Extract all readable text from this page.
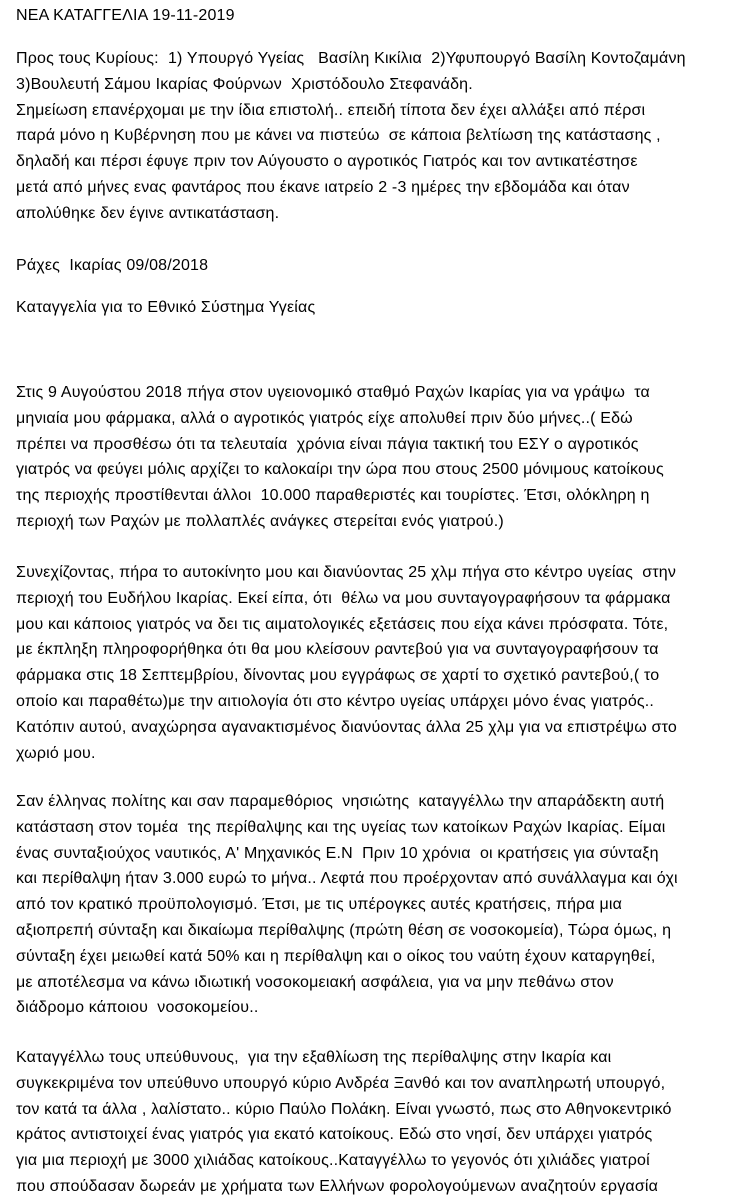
ΝΕΑ ΚΑΤΑΓΓΕΛΙΑ 19-11-2019
Προς τους Κυρίους:  1) Υπουργό Υγείας   Βασίλη Κικίλια  2)Υφυπουργό Βασίλη Κοντοζαμάνη
3)Βουλευτή Σάμου Ικαρίας Φούρνων  Χριστόδουλο Στεφανάδη.
Σημείωση επανέρχομαι με την ίδια επιστολή.. επειδή τίποτα δεν έχει αλλάξει από πέρσι
παρά μόνο η Κυβέρνηση που με κάνει να πιστεύω  σε κάποια βελτίωση της κατάστασης ,
δηλαδή και πέρσι έφυγε πριν τον Αύγουστο ο αγροτικός Γιατρός και τον αντικατέστησε
μετά από μήνες ενας φαντάρος που έκανε ιατρείο 2 -3 ημέρες την εβδομάδα και όταν
απολύθηκε δεν έγινε αντικατάσταση.
Ράχες  Ικαρίας 09/08/2018
Καταγγελία για το Εθνικό Σύστημα Υγείας
Στις 9 Αυγούστου 2018 πήγα στον υγειονομικό σταθμό Ραχών Ικαρίας για να γράψω  τα
μηνιαία μου φάρμακα, αλλά ο αγροτικός γιατρός είχε απολυθεί πριν δύο μήνες..( Εδώ
πρέπει να προσθέσω ότι τα τελευταία  χρόνια είναι πάγια τακτική του ΕΣΥ ο αγροτικός
γιατρός να φεύγει μόλις αρχίζει το καλοκαίρι την ώρα που στους 2500 μόνιμους κατοίκους
της περιοχής προστίθενται άλλοι  10.000 παραθεριστές και τουρίστες. Έτσι, ολόκληρη η
περιοχή των Ραχών με πολλαπλές ανάγκες στερείται ενός γιατρού.)
Συνεχίζοντας, πήρα το αυτοκίνητο μου και διανύοντας 25 χλμ πήγα στο κέντρο υγείας  στην
περιοχή του Ευδήλου Ικαρίας. Εκεί είπα, ότι  θέλω να μου συνταγογραφήσουν τα φάρμακα
μου και κάποιος γιατρός να δει τις αιματολογικές εξετάσεις που είχα κάνει πρόσφατα. Τότε,
με έκπληξη πληροφορήθηκα ότι θα μου κλείσουν ραντεβού για να συνταγογραφήσουν τα
φάρμακα στις 18 Σεπτεμβρίου, δίνοντας μου εγγράφως σε χαρτί το σχετικό ραντεβού,( το
οποίο και παραθέτω)με την αιτιολογία ότι στο κέντρο υγείας υπάρχει μόνο ένας γιατρός..
Κατόπιν αυτού, αναχώρησα αγανακτισμένος διανύοντας άλλα 25 χλμ για να επιστρέψω στο
χωριό μου.
Σαν έλληνας πολίτης και σαν παραμεθόριος  νησιώτης  καταγγέλλω την απαράδεκτη αυτή
κατάσταση στον τομέα  της περίθαλψης και της υγείας των κατοίκων Ραχών Ικαρίας. Είμαι
ένας συνταξιούχος ναυτικός, Α' Μηχανικός Ε.Ν  Πριν 10 χρόνια  οι κρατήσεις για σύνταξη
και περίθαλψη ήταν 3.000 ευρώ το μήνα.. Λεφτά που προέρχονταν από συνάλλαγμα και όχι
από τον κρατικό προϋπολογισμό. Έτσι, με τις υπέρογκες αυτές κρατήσεις, πήρα μια
αξιοπρεπή σύνταξη και δικαίωμα περίθαλψης (πρώτη θέση σε νοσοκομεία), Τώρα όμως, η
σύνταξη έχει μειωθεί κατά 50% και η περίθαλψη και ο οίκος του ναύτη έχουν καταργηθεί,
με αποτέλεσμα να κάνω ιδιωτική νοσοκομειακή ασφάλεια, για να μην πεθάνω στον
διάδρομο κάποιου  νοσοκομείου..
Καταγγέλλω τους υπεύθυνους,  για την εξαθλίωση της περίθαλψης στην Ικαρία και
συγκεκριμένα τον υπεύθυνο υπουργό κύριο Ανδρέα Ξανθό και τον αναπληρωτή υπουργό,
τον κατά τα άλλα , λαλίστατο.. κύριο Παύλο Πολάκη. Είναι γνωστό, πως στο Αθηνοκεντρικό
κράτος αντιστοιχεί ένας γιατρός για εκατό κατοίκους. Εδώ στο νησί, δεν υπάρχει γιατρός
για μια περιοχή με 3000 χιλιάδας κατοίκους..Καταγγέλλω το γεγονός ότι χιλιάδες γιατροί
που σπούδασαν δωρεάν με χρήματα των Ελλήνων φορολογούμενων αναζητούν εργασία
